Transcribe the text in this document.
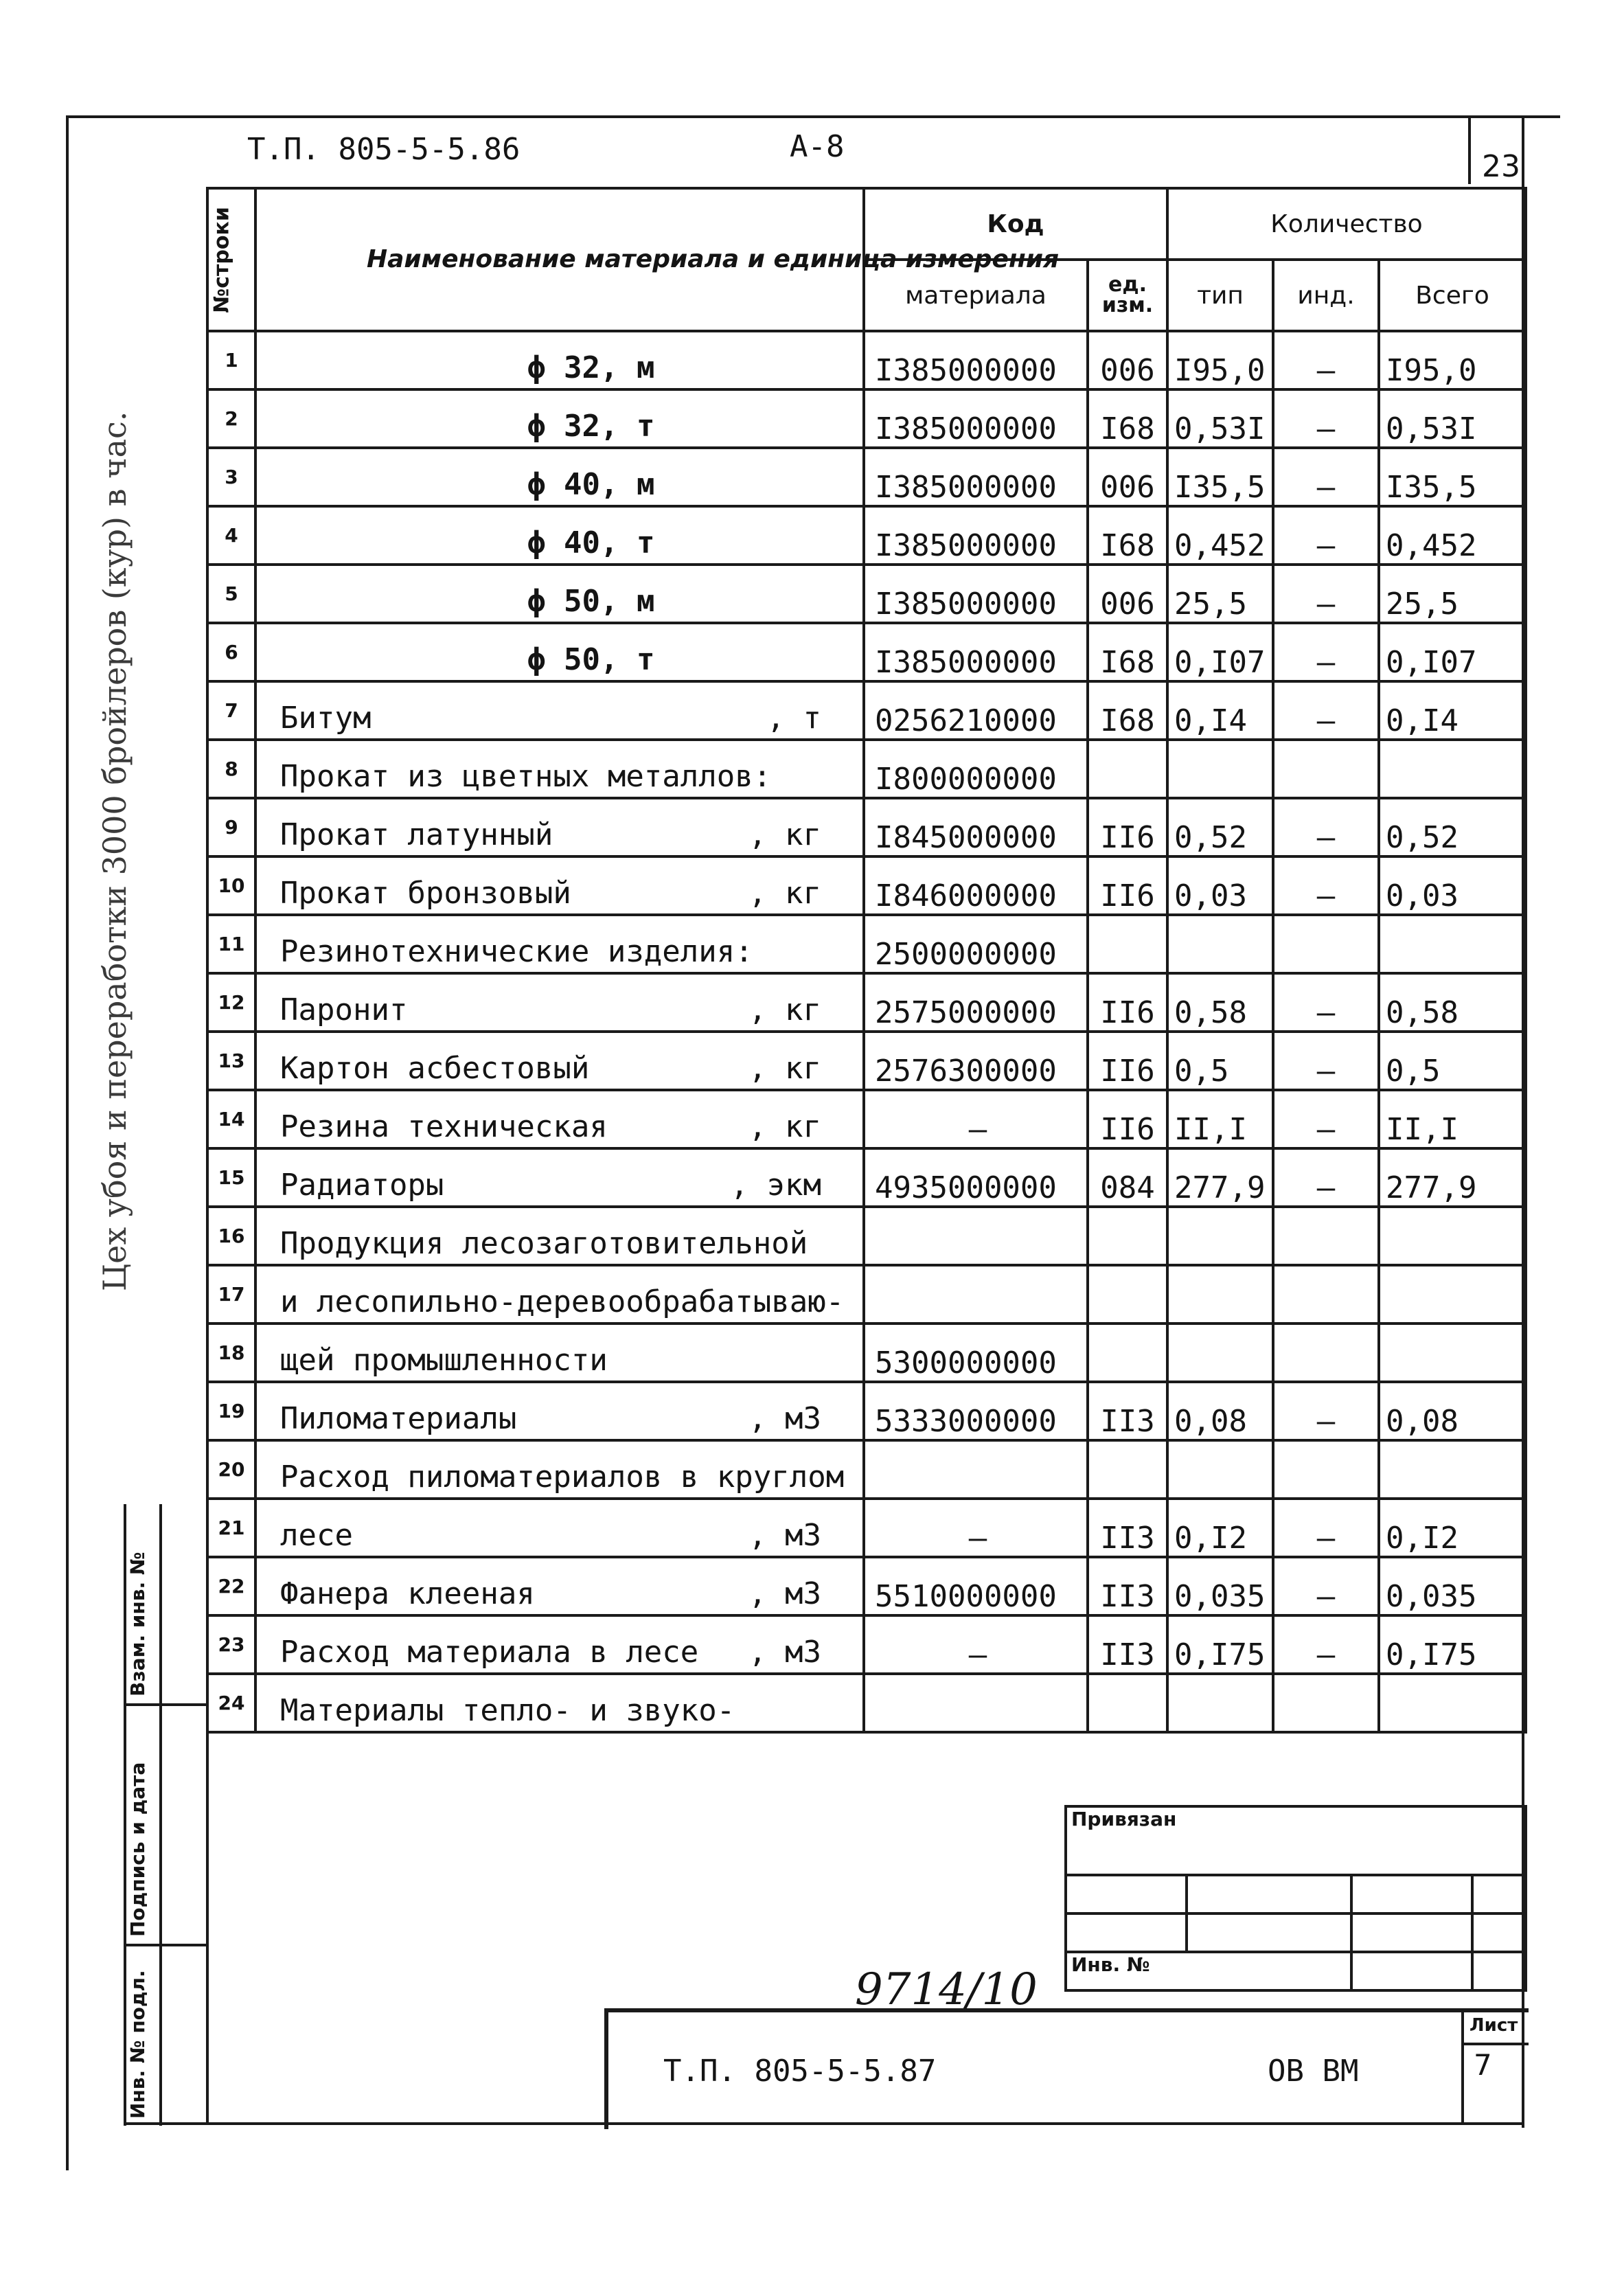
Т.П. 805-5-5.86	А-8
23
№строки	Наименование материала и единица измерения	Код		Количество		
		материала	ед. изм.	тип	инд.	Всего
1	ϕ 32, м	I385000000	006	I95,0	–	I95,0
2	ϕ 32, т	I385000000	I68	0,53I	–	0,53I
3	ϕ 40, м	I385000000	006	I35,5	–	I35,5
4	ϕ 40, т	I385000000	I68	0,452	–	0,452
5	ϕ 50, м	I385000000	006	25,5	–	25,5
6	ϕ 50, т	I385000000	I68	0,I07	–	0,I07
7	Битум , т	0256210000	I68	0,I4	–	0,I4
8	Прокат из цветных металлов:	I800000000				
9	Прокат латунный , кг	I845000000	II6	0,52	–	0,52
10	Прокат бронзовый , кг	I846000000	II6	0,03	–	0,03
11	Резинотехнические изделия:	2500000000				
12	Паронит , кг	2575000000	II6	0,58	–	0,58
13	Картон асбестовый , кг	2576300000	II6	0,5	–	0,5
14	Резина техническая , кг	–	II6	II,I	–	II,I
15	Радиаторы , экм	4935000000	084	277,9	–	277,9
16	Продукция лесозаготовительной					

17	и лесопильно-деревообрабатываю-					

18	щей промышленности	5300000000				
19	Пиломатериалы , м3	5333000000	II3	0,08	–	0,08
20	Расход пиломатериалов в круглом					

21	лесе , м3	–	II3	0,I2	–	0,I2
22	Фанера клееная , м3	5510000000	II3	0,035	–	0,035
23	Расход материала в лесе , м3	–	II3	0,I75	–	0,I75
24	Материалы тепло- и звуко-					

Цех убоя и переработки 3000 бройлеров (кур) в час.
Взам. инв. №
Подпись и дата
Инв. № подл.	9714/10
Привязан			

Инв. №			
Т.П. 805-5-5.87	ОВ ВМ
Лист
7
